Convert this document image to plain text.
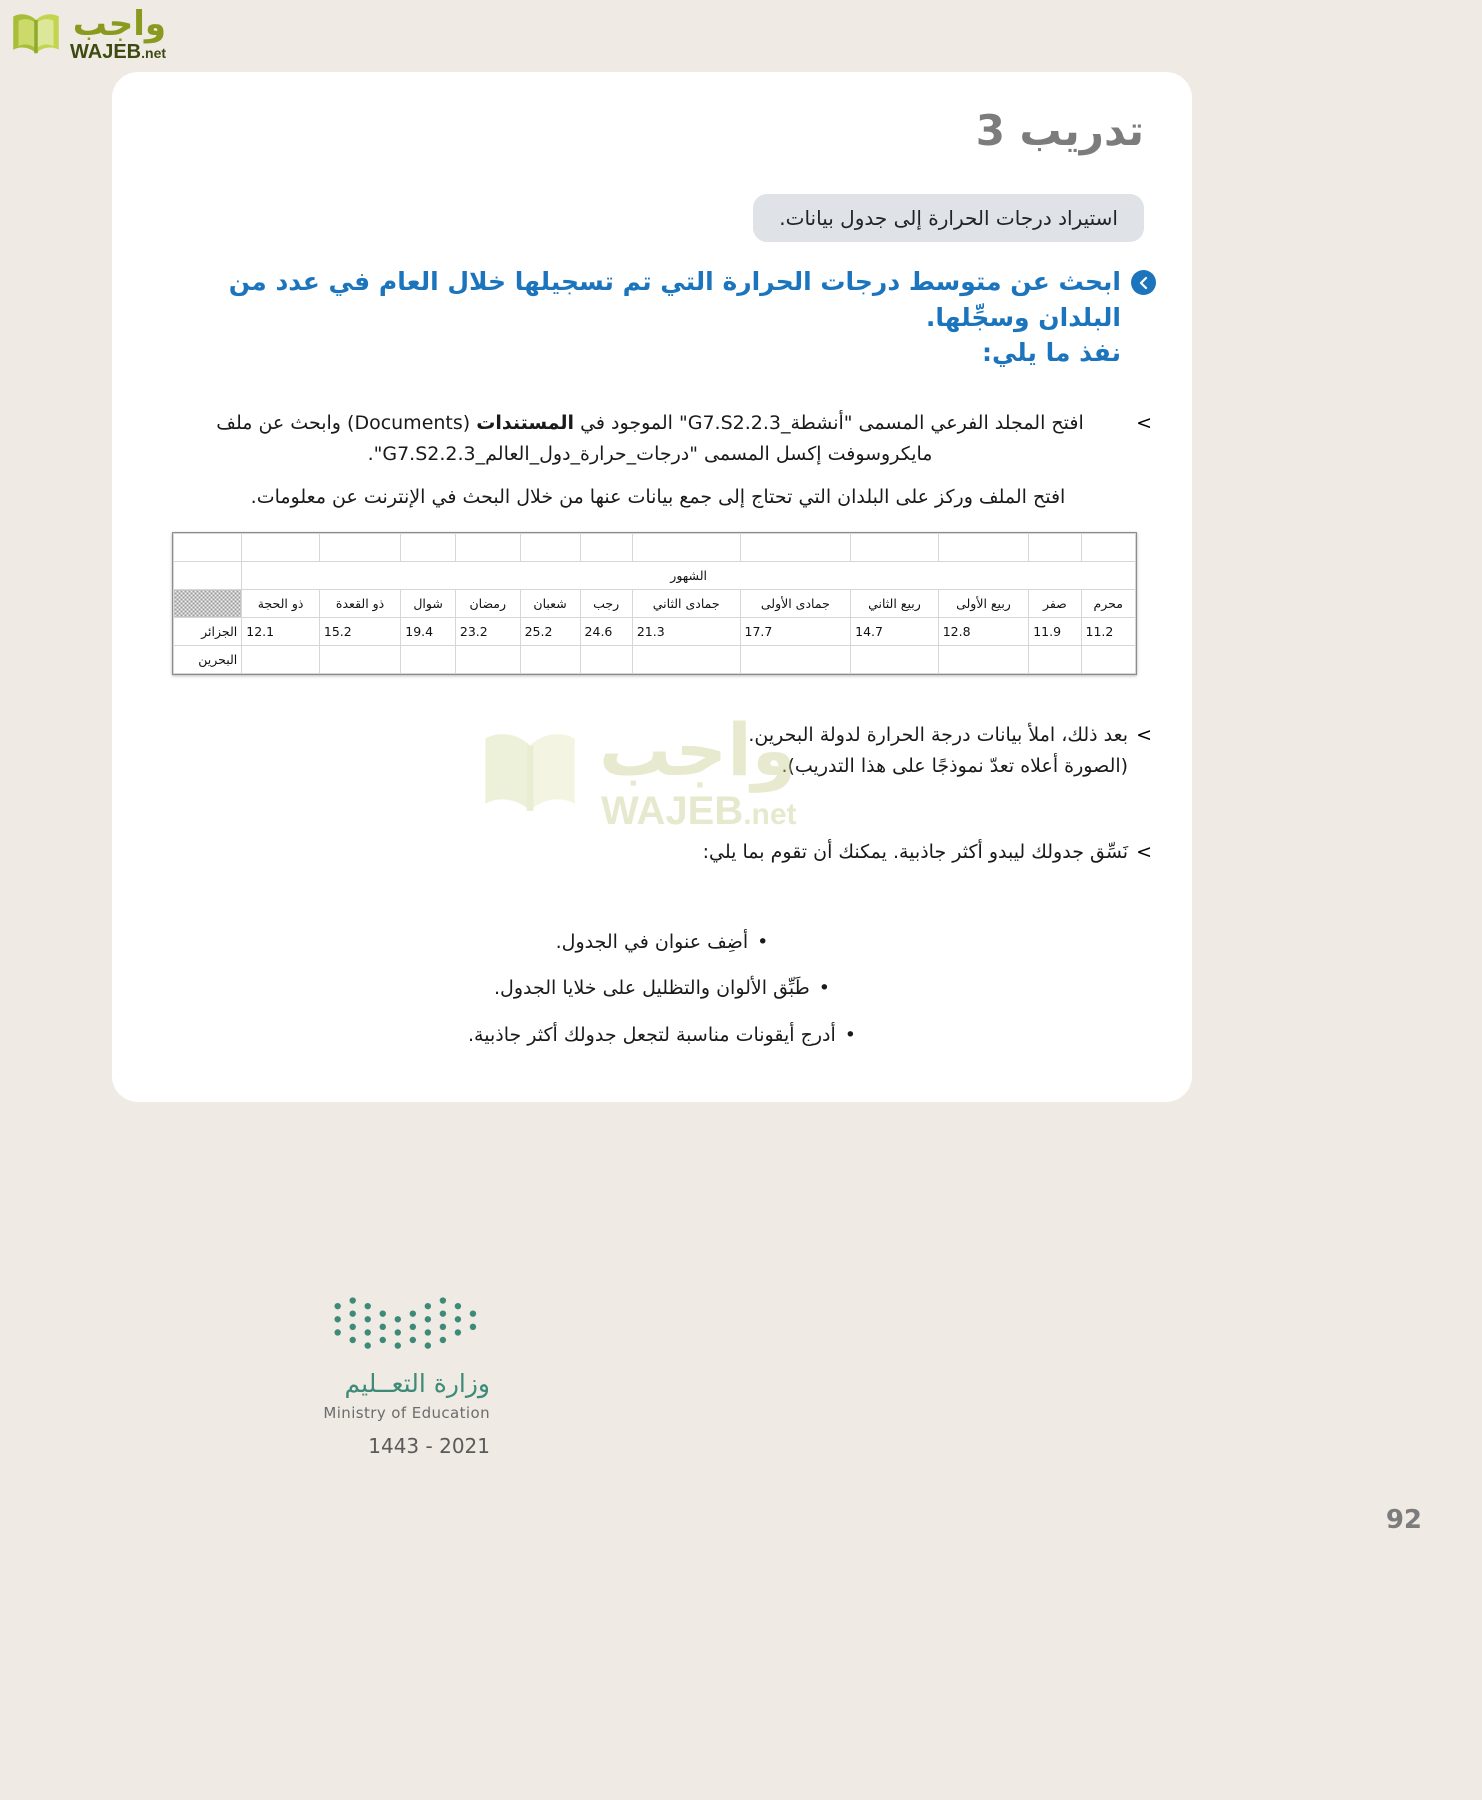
واجب
WAJEB.net
تدريب 3
استيراد درجات الحرارة إلى جدول بيانات.
ابحث عن متوسط درجات الحرارة التي تم تسجيلها خلال العام في عدد من البلدان وسجِّلها.
نفذ ما يلي:
>
افتح المجلد الفرعي المسمى "أنشطة_G7.S2.2.3" الموجود في المستندات (Documents) وابحث عن ملف مايكروسوفت إكسل المسمى "درجات_حرارة_دول_العالم_G7.S2.2.3".
افتح الملف وركز على البلدان التي تحتاج إلى جمع بيانات عنها من خلال البحث في الإنترنت عن معلومات.

الشهور												
محرم	صفر	ربيع الأولى	ربيع الثاني	جمادى الأولى	جمادى الثاني	رجب	شعبان	رمضان	شوال	ذو القعدة	ذو الحجة	
11.2	11.9	12.8	14.7	17.7	21.3	24.6	25.2	23.2	19.4	15.2	12.1	الجزائر
												البحرين
>
بعد ذلك، املأ بيانات درجة الحرارة لدولة البحرين.
(الصورة أعلاه تعدّ نموذجًا على هذا التدريب).
>
نَسِّق جدولك ليبدو أكثر جاذبية. يمكنك أن تقوم بما يلي:
•
أضِف عنوان في الجدول.
•
طَبِّق الألوان والتظليل على خلايا الجدول.
•
أدرج أيقونات مناسبة لتجعل جدولك أكثر جاذبية.
واجب
WAJEB.net
وزارة التعــليم
Ministry of Education
2021 - 1443
92
